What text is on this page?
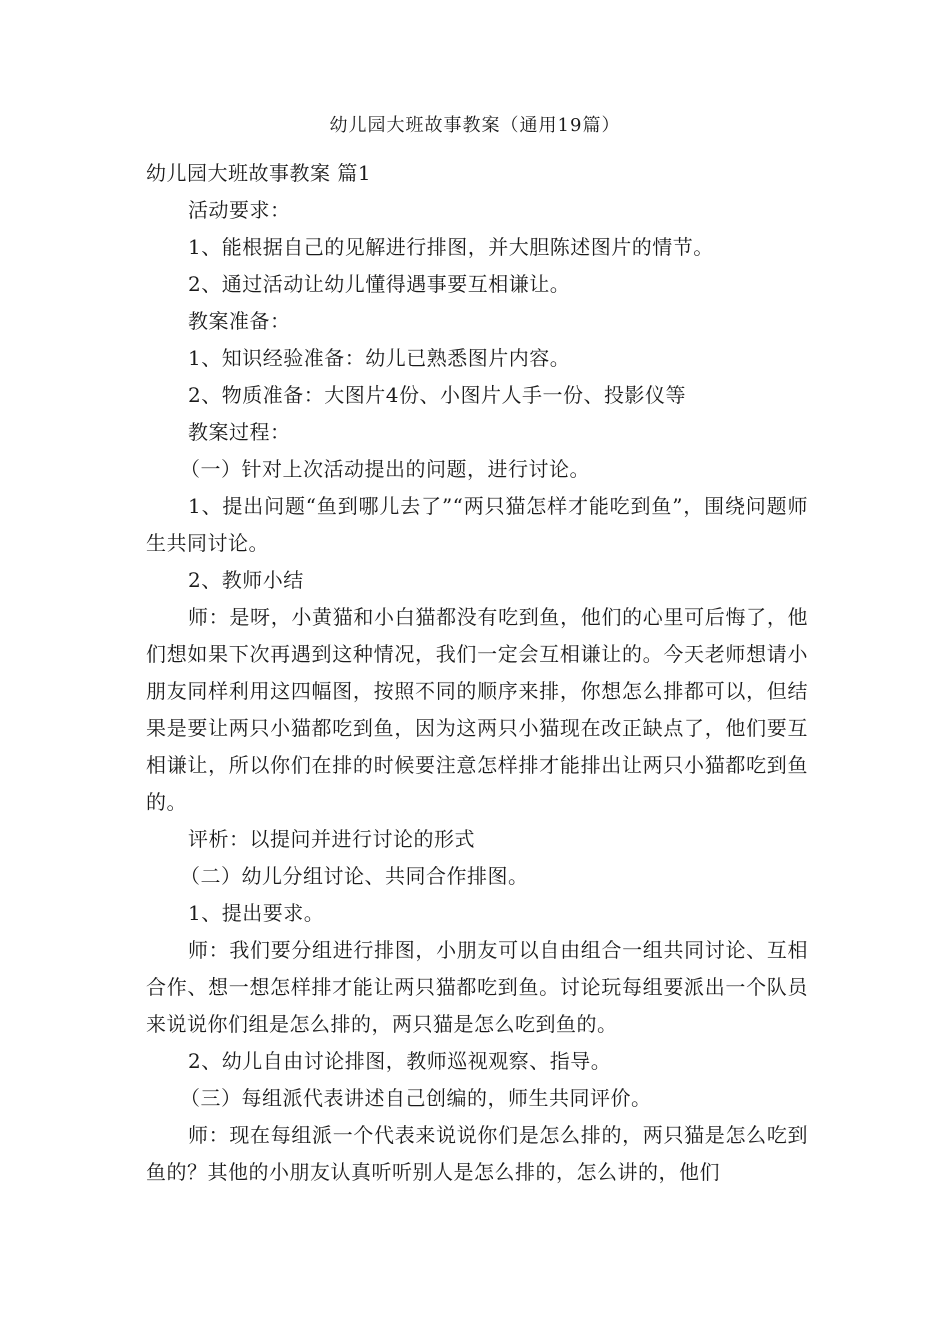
幼儿园大班故事教案（通用19篇）

幼儿园大班故事教案 篇1

活动要求：

1、能根据自己的见解进行排图，并大胆陈述图片的情节。

2、通过活动让幼儿懂得遇事要互相谦让。

教案准备：

1、知识经验准备：幼儿已熟悉图片内容。

2、物质准备：大图片4份、小图片人手一份、投影仪等

教案过程：

（一）针对上次活动提出的问题，进行讨论。

1、提出问题“鱼到哪儿去了”“两只猫怎样才能吃到鱼”，围绕问题师生共同讨论。

2、教师小结

师：是呀，小黄猫和小白猫都没有吃到鱼，他们的心里可后悔了，他们想如果下次再遇到这种情况，我们一定会互相谦让的。今天老师想请小朋友同样利用这四幅图，按照不同的顺序来排，你想怎么排都可以，但结果是要让两只小猫都吃到鱼，因为这两只小猫现在改正缺点了，他们要互相谦让，所以你们在排的时候要注意怎样排才能排出让两只小猫都吃到鱼的。

评析：以提问并进行讨论的形式

（二）幼儿分组讨论、共同合作排图。

1、提出要求。

师：我们要分组进行排图，小朋友可以自由组合一组共同讨论、互相合作、想一想怎样排才能让两只猫都吃到鱼。讨论玩每组要派出一个队员来说说你们组是怎么排的，两只猫是怎么吃到鱼的。

2、幼儿自由讨论排图，教师巡视观察、指导。

（三）每组派代表讲述自己创编的，师生共同评价。

师：现在每组派一个代表来说说你们是怎么排的，两只猫是怎么吃到鱼的？其他的小朋友认真听听别人是怎么排的，怎么讲的，他们
